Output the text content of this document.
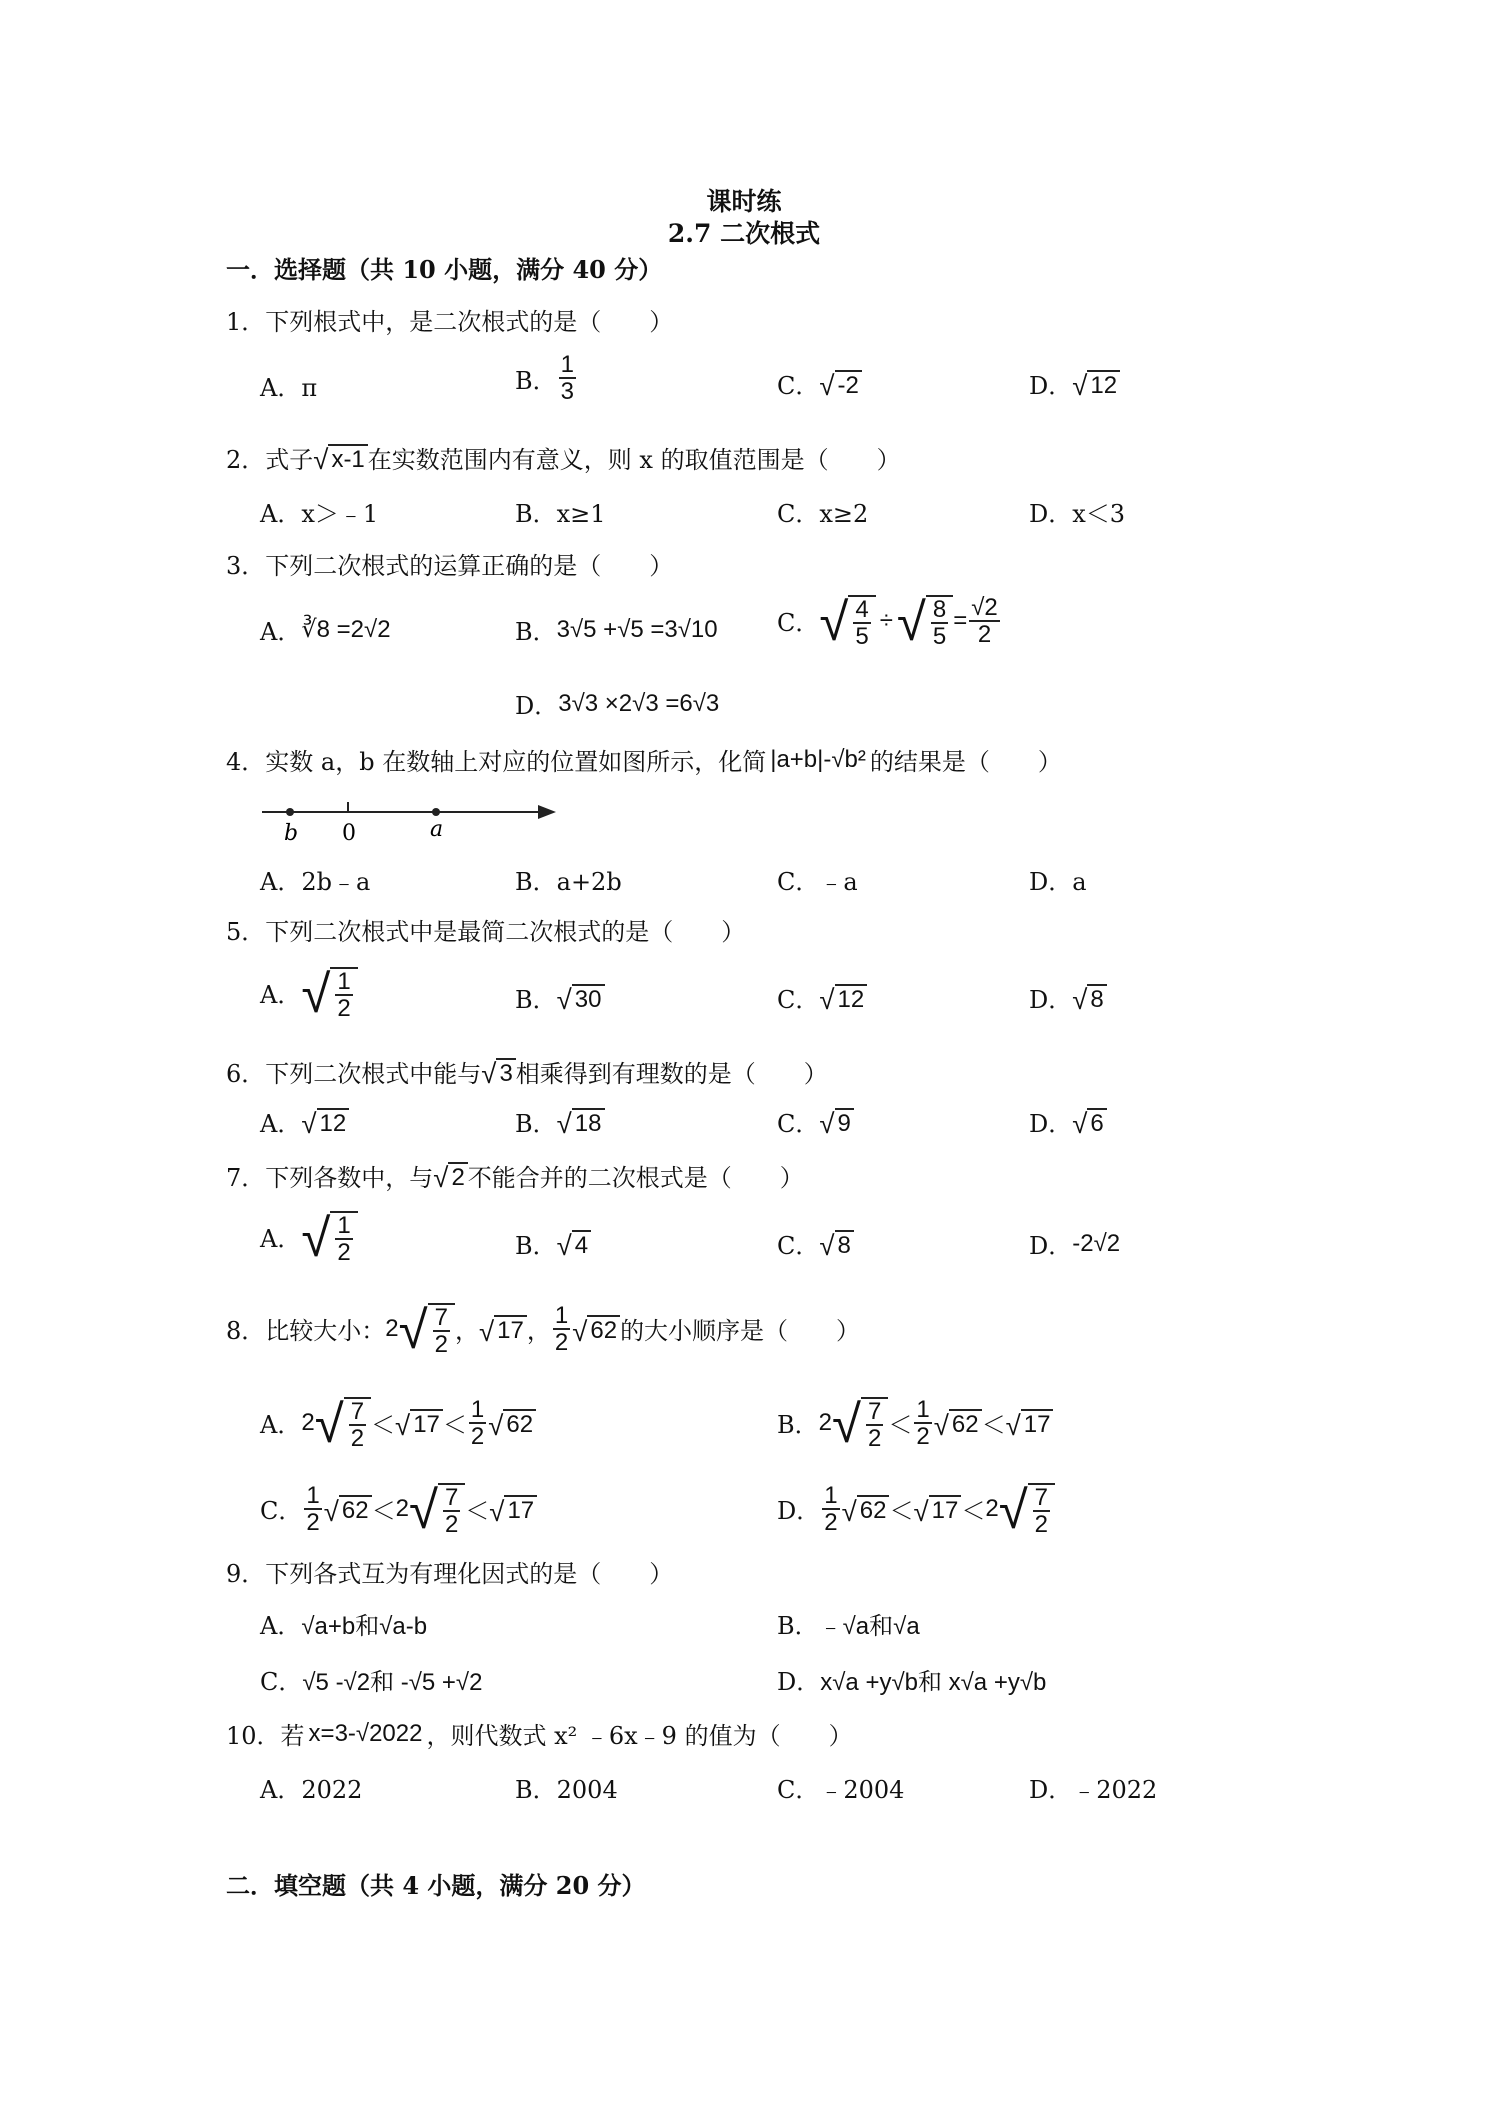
课时练
2.7 二次根式
一．选择题（共 10 小题，满分 40 分）
1．下列根式中，是二次根式的是（　　）
A．π	B． $\frac{1}{3}$	C． √ -2	D． √ 12
2．式子 √ x-1 在实数范围内有意义，则 x 的取值范围是（　　）
A．x＞﹣1	B．x≥1	C．x≥2	D．x＜3
3．下列二次根式的运算正确的是（　　）
A． ∛8 =2√2	B． 3√5 +√5 =3√10 C． √ $\frac{4}{5}$ ÷ √ $\frac{8}{5} = \frac{√2}{2}$
D． 3√3 ×2√3 =6√3
4．实数 a，b 在数轴上对应的位置如图所示，化简 |a+b|-√b² 的结果是（　　）
b 0	a
A．2b﹣a	B．a+2b	C．﹣a	D．a
5．下列二次根式中是最简二次根式的是（　　）
A． √ $\frac{1}{2}$	B． √ 30	C． √ 12	D． √ 8
6．下列二次根式中能与 √ 3 相乘得到有理数的是（　　）
A． √ 12	B． √ 18	C． √ 9	D． √ 6
7．下列各数中，与 √ 2 不能合并的二次根式是（　　）
A． √ $\frac{1}{2}$	B． √ 4	C． √ 8	D． -2√2
8．比较大小： 2 √ $\frac{7}{2}$ ， √ 17 ， $\frac{1}{2}$ √ 62 的大小顺序是（　　）
A． 2 √ $\frac{7}{2}$ ＜ √ $17 < \frac{1}{2}$ √ 62	B． 2 √ $\frac{7}{2} < \frac{1}{2}$ √ 62 ＜ √ 17
C． $\frac{1}{2}$ √ 62 ＜ 2 √ $\frac{7}{2}$ ＜ √ 17	D． $\frac{1}{2}$ √ 62 ＜ √ 17 ＜ 2 √ $\frac{7}{2}$
9．下列各式互为有理化因式的是（　　）
A． √a+b和√a-b	B． ﹣√a和√a
C． √5 -√2和 -√5 +√2	D． x√a +y√b和 x√a +y√b
10．若 x=3-√2022 ，则代数式 x² ﹣6x﹣9 的值为（　　）
A．2022	B．2004	C．﹣2004	D．﹣2022
二．填空题（共 4 小题，满分 20 分）
